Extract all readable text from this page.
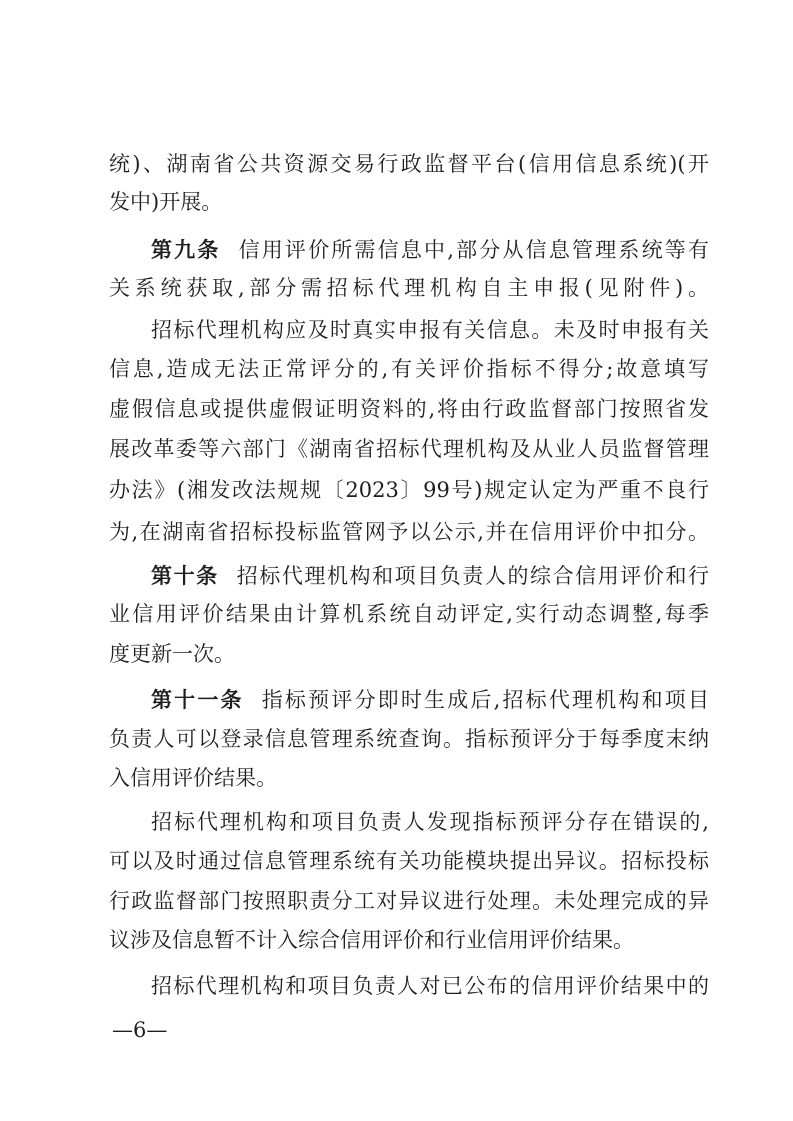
统)、湖南省公共资源交易行政监督平台(信用信息系统)(开
发中)开展。
第九条 信用评价所需信息中,部分从信息管理系统等有
关系统获取,部分需招标代理机构自主申报(见附件)。
招标代理机构应及时真实申报有关信息。未及时申报有关
信息,造成无法正常评分的,有关评价指标不得分;故意填写
虚假信息或提供虚假证明资料的,将由行政监督部门按照省发
展改革委等六部门《湖南省招标代理机构及从业人员监督管理
办法》(湘发改法规规〔2023〕99号)规定认定为严重不良行
为,在湖南省招标投标监管网予以公示,并在信用评价中扣分。
第十条 招标代理机构和项目负责人的综合信用评价和行
业信用评价结果由计算机系统自动评定,实行动态调整,每季
度更新一次。
第十一条 指标预评分即时生成后,招标代理机构和项目
负责人可以登录信息管理系统查询。指标预评分于每季度末纳
入信用评价结果。
招标代理机构和项目负责人发现指标预评分存在错误的,
可以及时通过信息管理系统有关功能模块提出异议。招标投标
行政监督部门按照职责分工对异议进行处理。未处理完成的异
议涉及信息暂不计入综合信用评价和行业信用评价结果。
招标代理机构和项目负责人对已公布的信用评价结果中的
—6—
